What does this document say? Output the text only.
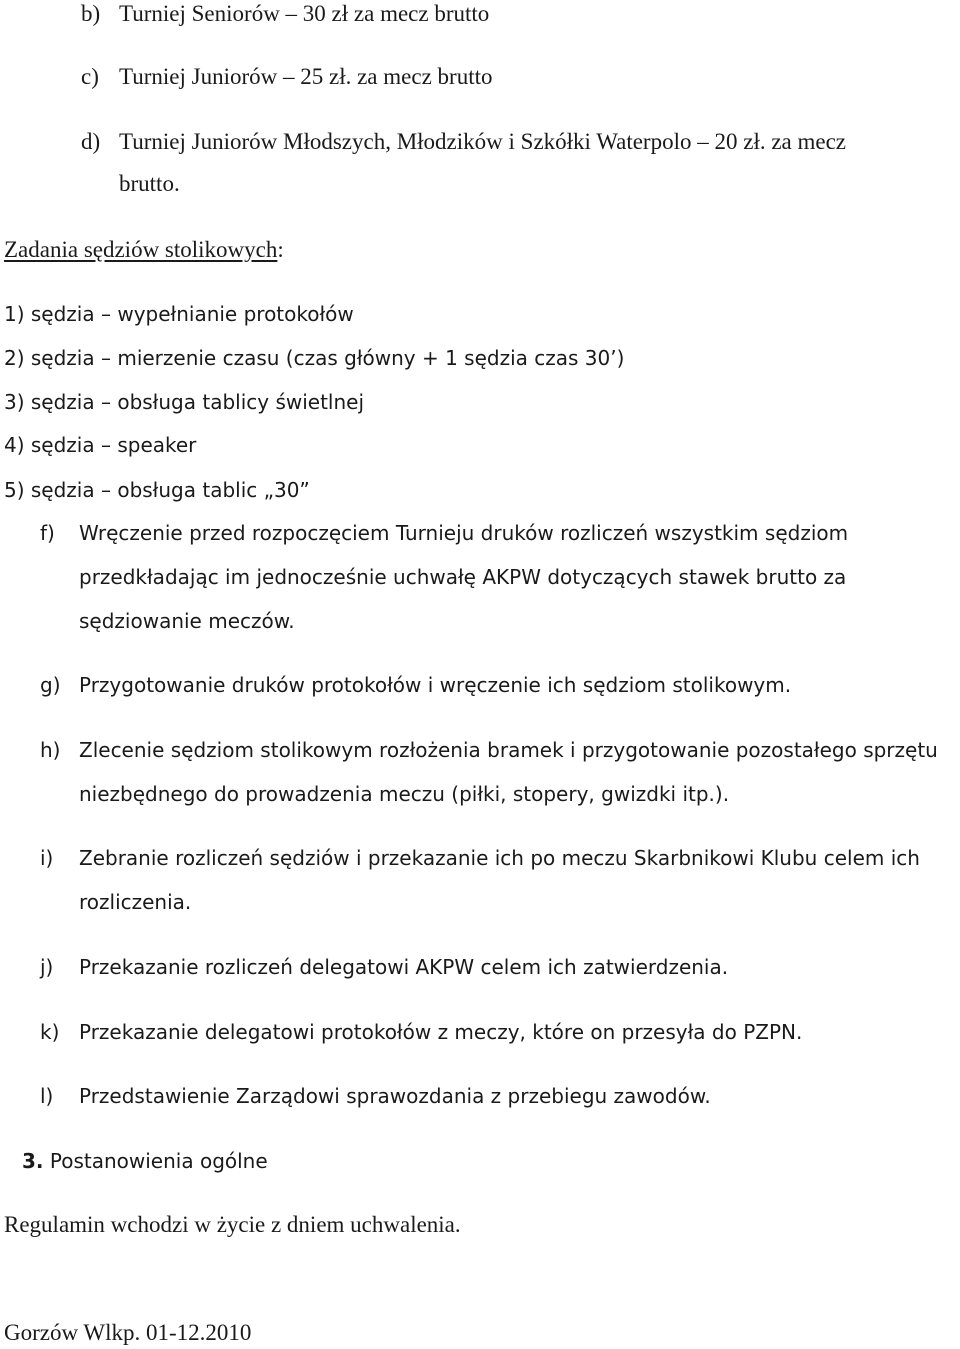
b) Turniej Seniorów – 30 zł za mecz brutto
c) Turniej Juniorów – 25 zł. za mecz brutto
d) Turniej Juniorów Młodszych, Młodzików i Szkółki Waterpolo – 20 zł. za mecz
brutto.
Zadania sędziów stolikowych:
1) sędzia – wypełnianie protokołów
2) sędzia – mierzenie czasu (czas główny + 1 sędzia czas 30’)
3) sędzia – obsługa tablicy świetlnej
4) sędzia – speaker
5) sędzia – obsługa tablic „30”
f) Wręczenie przed rozpoczęciem Turnieju druków rozliczeń wszystkim sędziom
przedkładając im jednocześnie uchwałę AKPW dotyczących stawek brutto za
sędziowanie meczów.
g) Przygotowanie druków protokołów i wręczenie ich sędziom stolikowym.
h) Zlecenie sędziom stolikowym rozłożenia bramek i przygotowanie pozostałego sprzętu
niezbędnego do prowadzenia meczu (piłki, stopery, gwizdki itp.).
i) Zebranie rozliczeń sędziów i przekazanie ich po meczu Skarbnikowi Klubu celem ich
rozliczenia.
j) Przekazanie rozliczeń delegatowi AKPW celem ich zatwierdzenia.
k) Przekazanie delegatowi protokołów z meczy, które on przesyła do PZPN.
l) Przedstawienie Zarządowi sprawozdania z przebiegu zawodów.
3. Postanowienia ogólne
Regulamin wchodzi w życie z dniem uchwalenia.
Gorzów Wlkp. 01-12.2010
